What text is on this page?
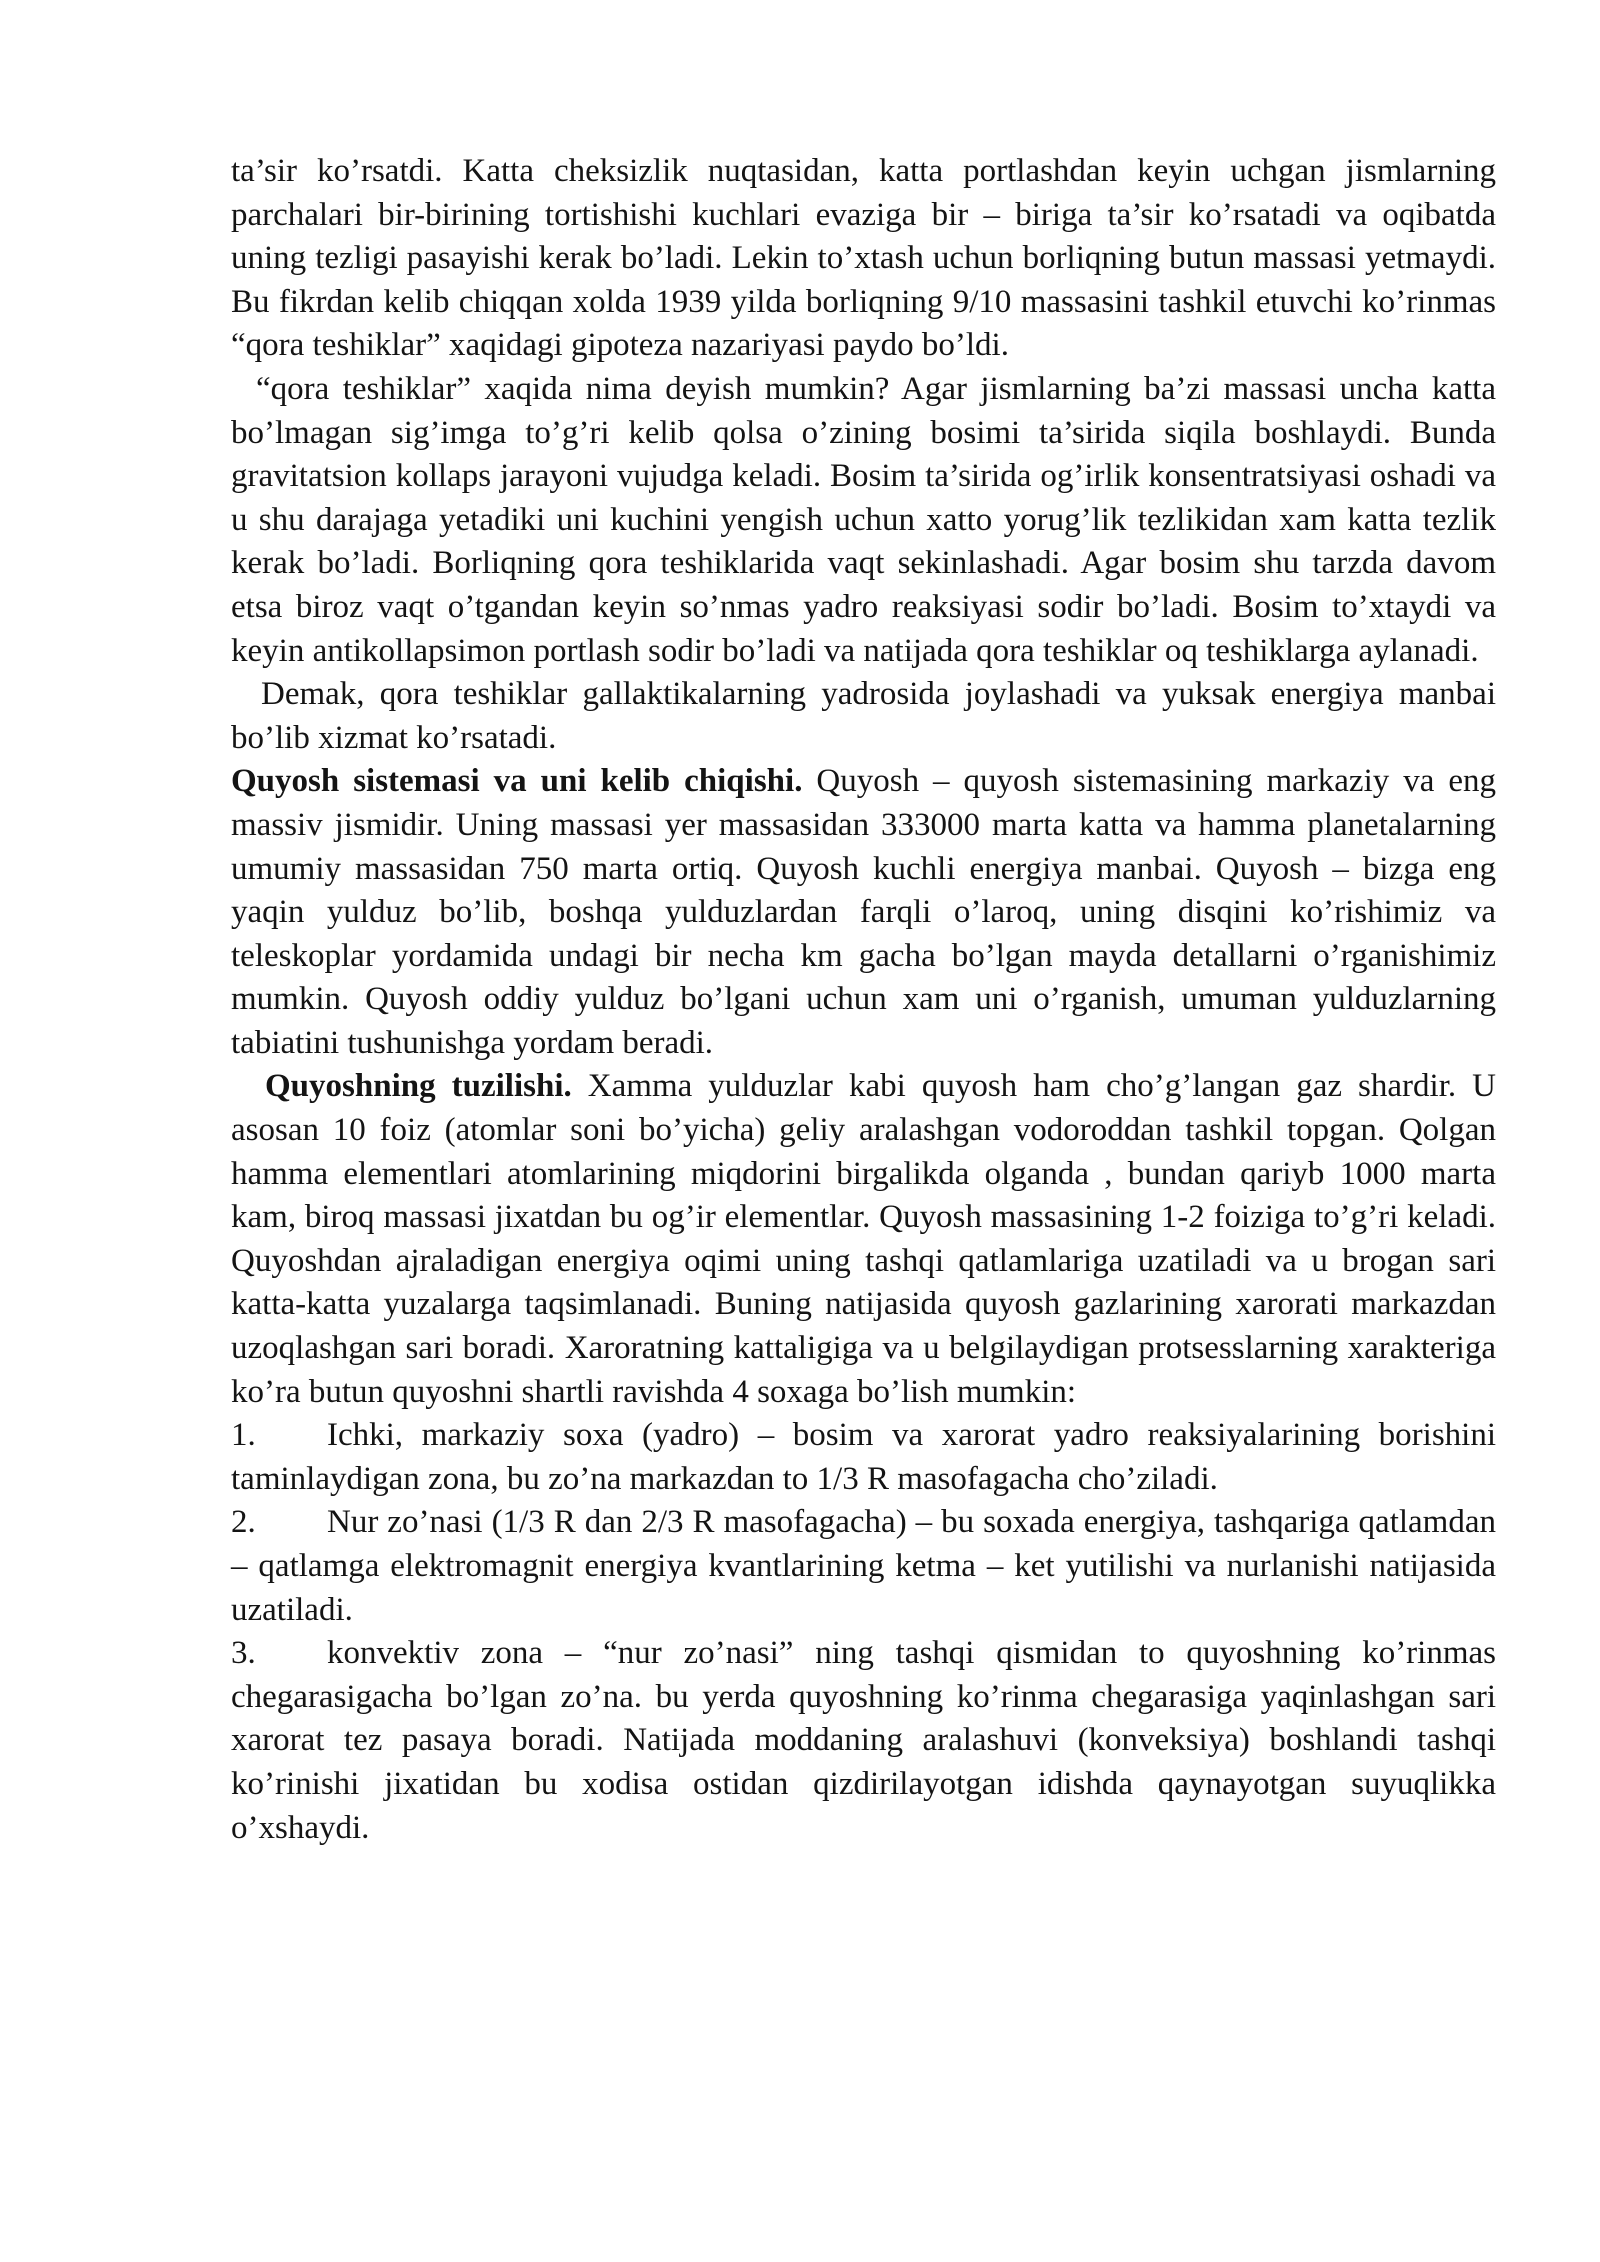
ta’sir ko’rsatdi. Katta cheksizlik nuqtasidan, katta portlashdan keyin uchgan jismlarning parchalari bir-birining tortishishi kuchlari evaziga bir – biriga ta’sir ko’rsatadi va oqibatda uning tezligi pasayishi kerak bo’ladi. Lekin to’xtash uchun borliqning butun massasi yetmaydi. Bu fikrdan kelib chiqqan xolda 1939 yilda borliqning 9/10 massasini tashkil etuvchi ko’rinmas “qora teshiklar” xaqidagi gipoteza nazariyasi paydo bo’ldi.

“qora teshiklar” xaqida nima deyish mumkin? Agar jismlarning ba’zi massasi uncha katta bo’lmagan sig’imga to’g’ri kelib qolsa o’zining bosimi ta’sirida siqila boshlaydi. Bunda gravitatsion kollaps jarayoni vujudga keladi. Bosim ta’sirida og’irlik konsentratsiyasi oshadi va u shu darajaga yetadiki uni kuchini yengish uchun xatto yorug’lik tezlikidan xam katta tezlik kerak bo’ladi. Borliqning qora teshiklarida vaqt sekinlashadi. Agar bosim shu tarzda davom etsa biroz vaqt o’tgandan keyin so’nmas yadro reaksiyasi sodir bo’ladi. Bosim to’xtaydi va keyin antikollapsimon portlash sodir bo’ladi va natijada qora teshiklar oq teshiklarga aylanadi.

Demak, qora teshiklar gallaktikalarning yadrosida joylashadi va yuksak energiya manbai bo’lib xizmat ko’rsatadi.

Quyosh sistemasi va uni kelib chiqishi. Quyosh – quyosh sistemasining markaziy va eng massiv jismidir. Uning massasi yer massasidan 333000 marta katta va hamma planetalarning umumiy massasidan 750 marta ortiq. Quyosh kuchli energiya manbai. Quyosh – bizga eng yaqin yulduz bo’lib, boshqa yulduzlardan farqli o’laroq, uning disqini ko’rishimiz va teleskoplar yordamida undagi bir necha km gacha bo’lgan mayda detallarni o’rganishimiz mumkin. Quyosh oddiy yulduz bo’lgani uchun xam uni o’rganish, umuman yulduzlarning tabiatini tushunishga yordam beradi.

Quyoshning tuzilishi. Xamma yulduzlar kabi quyosh ham cho’g’langan gaz shardir. U asosan 10 foiz (atomlar soni bo’yicha) geliy aralashgan vodoroddan tashkil topgan. Qolgan hamma elementlari atomlarining miqdorini birgalikda olganda , bundan qariyb 1000 marta kam, biroq massasi jixatdan bu og’ir elementlar. Quyosh massasining 1-2 foiziga to’g’ri keladi. Quyoshdan ajraladigan energiya oqimi uning tashqi qatlamlariga uzatiladi va u brogan sari katta-katta yuzalarga taqsimlanadi. Buning natijasida quyosh gazlarining xarorati markazdan uzoqlashgan sari boradi. Xaroratning kattaligiga va u belgilaydigan protsesslarning xarakteriga ko’ra butun quyoshni shartli ravishda 4 soxaga bo’lish mumkin:

1. Ichki, markaziy soxa (yadro) – bosim va xarorat yadro reaksiyalarining borishini taminlaydigan zona, bu zo’na markazdan to 1/3 R masofagacha cho’ziladi.

2. Nur zo’nasi (1/3 R dan 2/3 R masofagacha) – bu soxada energiya, tashqariga qatlamdan – qatlamga elektromagnit energiya kvantlarining ketma – ket yutilishi va nurlanishi natijasida uzatiladi.

3. konvektiv zona – “nur zo’nasi” ning tashqi qismidan to quyoshning ko’rinmas chegarasigacha bo’lgan zo’na. bu yerda quyoshning ko’rinma chegarasiga yaqinlashgan sari xarorat tez pasaya boradi. Natijada moddaning aralashuvi (konveksiya) boshlandi tashqi ko’rinishi jixatidan bu xodisa ostidan qizdirilayotgan idishda qaynayotgan suyuqlikka o’xshaydi.
